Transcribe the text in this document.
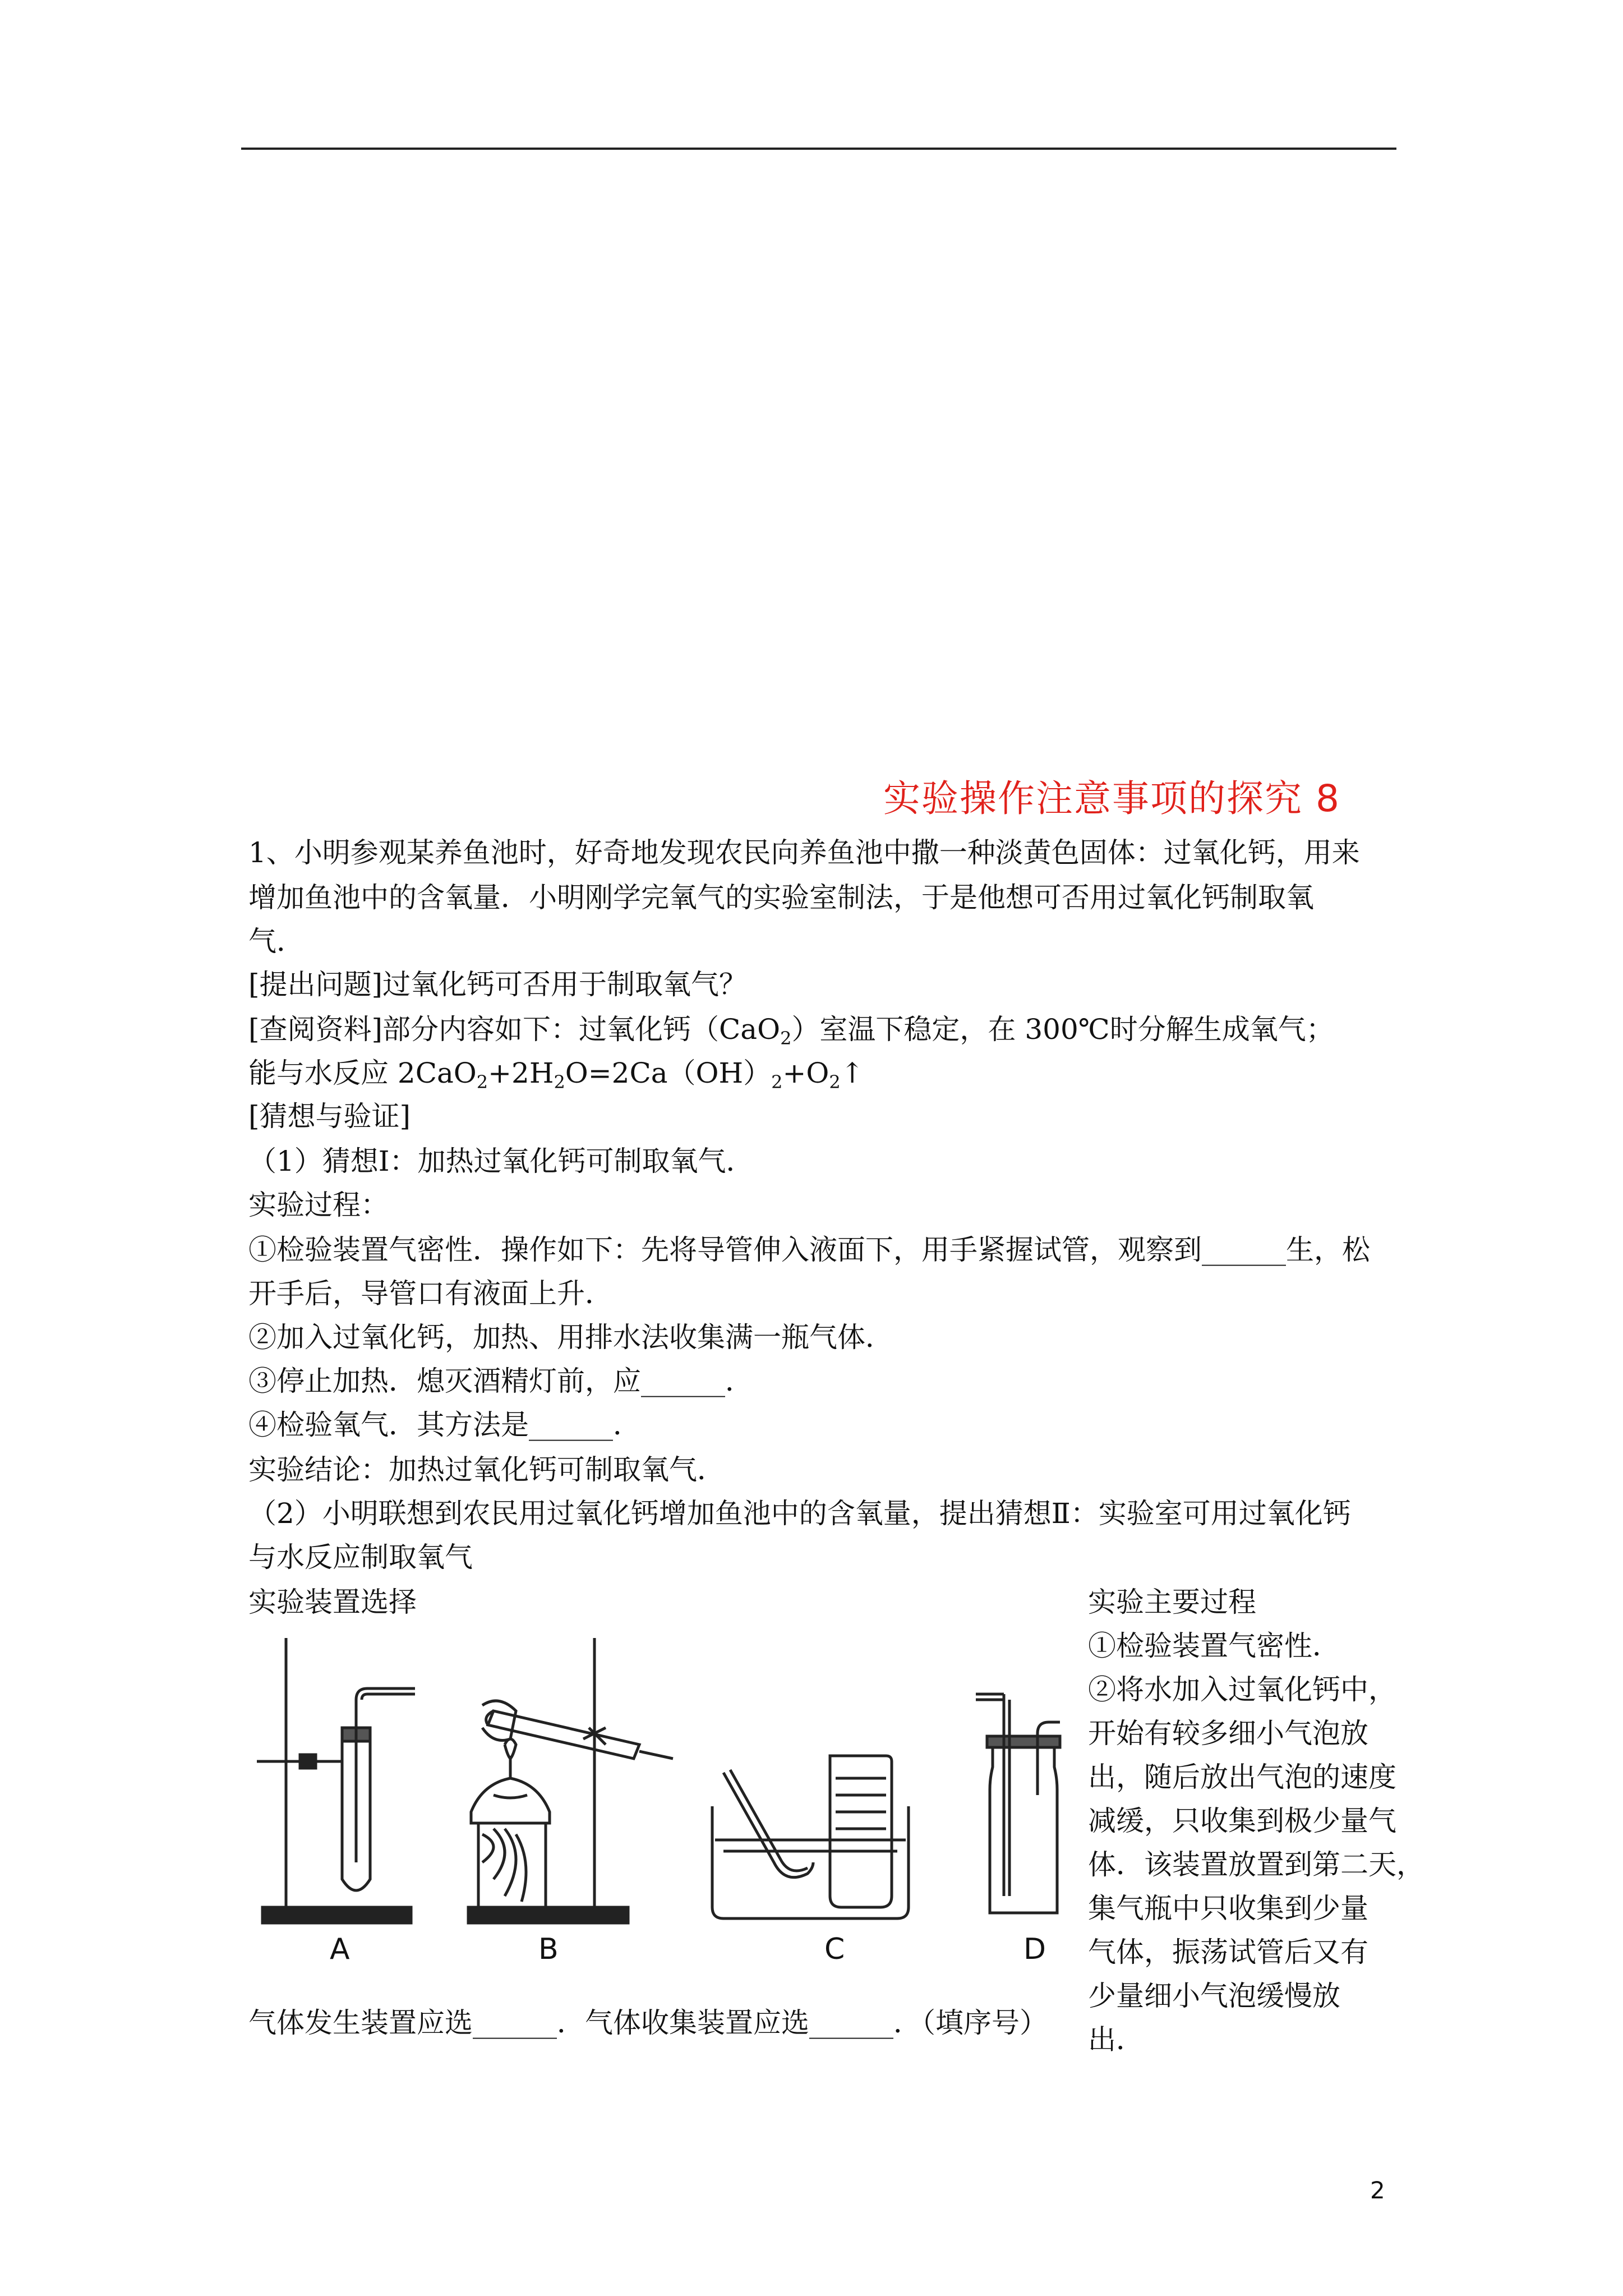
实验操作注意事项的探究 8
1、小明参观某养鱼池时，好奇地发现农民向养鱼池中撒一种淡黄色固体：过氧化钙，用来
增加鱼池中的含氧量．小明刚学完氧气的实验室制法，于是他想可否用过氧化钙制取氧
气．
[提出问题]过氧化钙可否用于制取氧气？
[查阅资料]部分内容如下：过氧化钙（CaO$_2$）室温下稳定，在 300℃时分解生成氧气；
能与水反应 $2CaO_2+2H_2O=2Ca(OH)_2+O_2↑$
[猜想与验证]
（1）猜想Ⅰ：加热过氧化钙可制取氧气．
实验过程：
①检验装置气密性．操作如下：先将导管伸入液面下，用手紧握试管，观察到______生，松
开手后，导管口有液面上升．
②加入过氧化钙，加热、用排水法收集满一瓶气体．
③停止加热．熄灭酒精灯前，应______．
④检验氧气．其方法是______．
实验结论：加热过氧化钙可制取氧气．
（2）小明联想到农民用过氧化钙增加鱼池中的含氧量，提出猜想Ⅱ：实验室可用过氧化钙
与水反应制取氧气
实验装置选择
气体发生装置应选______．气体收集装置应选______．（填序号）
实验主要过程
①检验装置气密性．
②将水加入过氧化钙中，
开始有较多细小气泡放
出，随后放出气泡的速度
减缓，只收集到极少量气
体．该装置放置到第二天，
集气瓶中只收集到少量
气体，振荡试管后又有
少量细小气泡缓慢放
出．
A	B	C	D
2
